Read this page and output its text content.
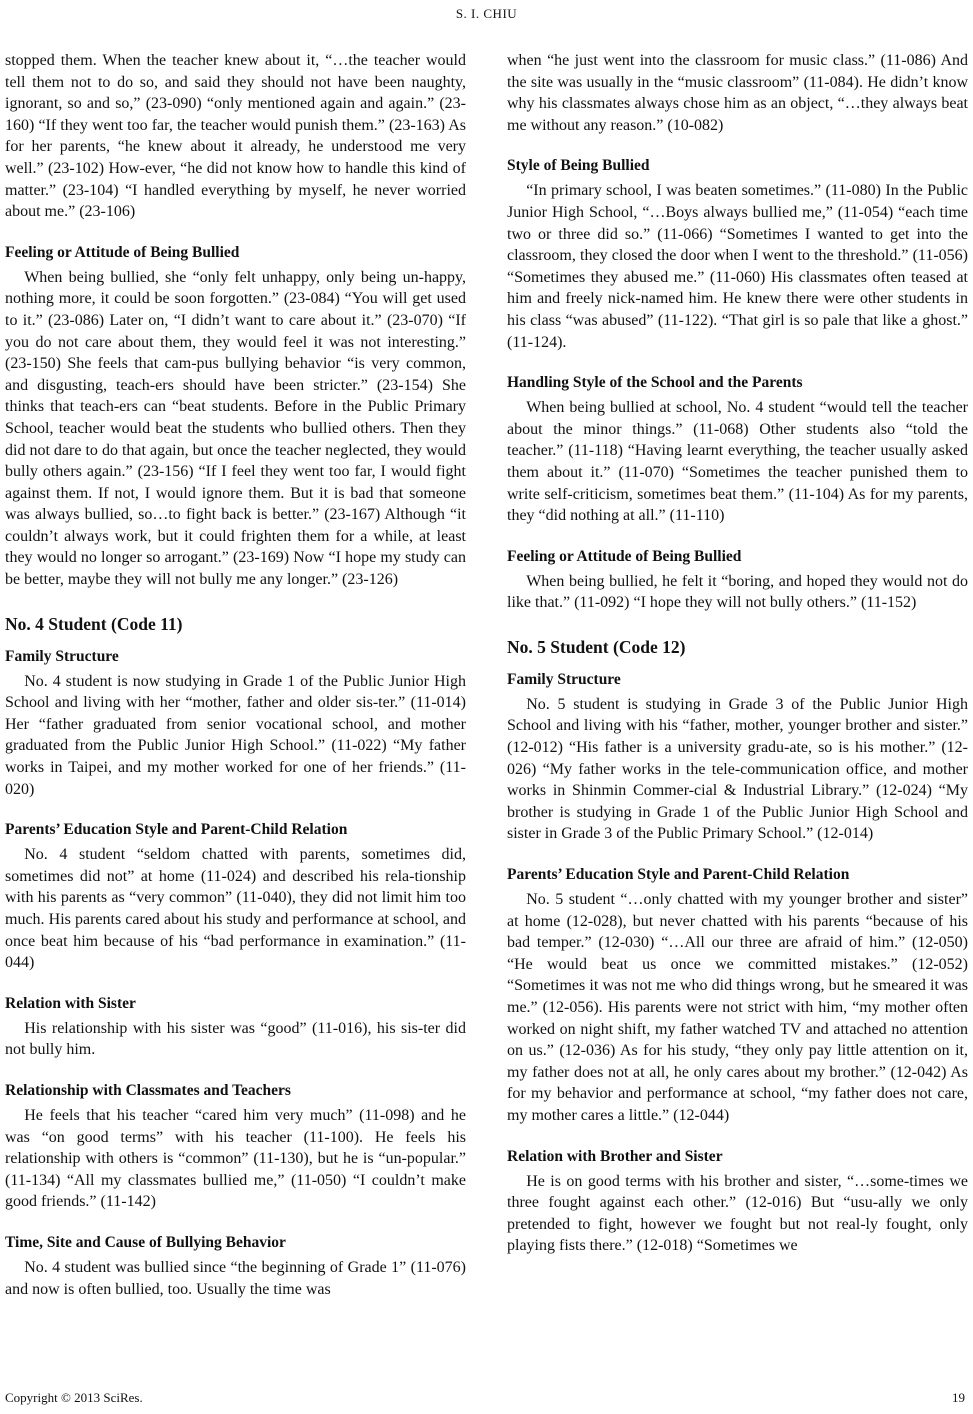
S. I. CHIU

stopped them. When the teacher knew about it, “…the teacher would tell them not to do so, and said they should not have been naughty, ignorant, so and so,” (23-090) “only mentioned again and again.” (23-160) “If they went too far, the teacher would punish them.” (23-163) As for her parents, “he knew about it already, he understood me very well.” (23-102) How-ever, “he did not know how to handle this kind of matter.” (23-104) “I handled everything by myself, he never worried about me.” (23-106)

Feeling or Attitude of Being Bullied

When being bullied, she “only felt unhappy, only being un-happy, nothing more, it could be soon forgotten.” (23-084) “You will get used to it.” (23-086) Later on, “I didn’t want to care about it.” (23-070) “If you do not care about them, they would feel it was not interesting.” (23-150) She feels that cam-pus bullying behavior “is very common, and disgusting, teach-ers should have been stricter.” (23-154) She thinks that teach-ers can “beat students. Before in the Public Primary School, teacher would beat the students who bullied others. Then they did not dare to do that again, but once the teacher neglected, they would bully others again.” (23-156) “If I feel they went too far, I would fight against them. If not, I would ignore them. But it is bad that someone was always bullied, so…to fight back is better.” (23-167) Although “it couldn’t always work, but it could frighten them for a while, at least they would no longer so arrogant.” (23-169) Now “I hope my study can be better, maybe they will not bully me any longer.” (23-126)

No. 4 Student (Code 11)
Family Structure

No. 4 student is now studying in Grade 1 of the Public Junior High School and living with her “mother, father and older sis-ter.” (11-014) Her “father graduated from senior vocational school, and mother graduated from the Public Junior High School.” (11-022) “My father works in Taipei, and my mother worked for one of her friends.” (11-020)

Parents’ Education Style and Parent-Child Relation

No. 4 student “seldom chatted with parents, sometimes did, sometimes did not” at home (11-024) and described his rela-tionship with his parents as “very common” (11-040), they did not limit him too much. His parents cared about his study and performance at school, and once beat him because of his “bad performance in examination.” (11-044)

Relation with Sister

His relationship with his sister was “good” (11-016), his sis-ter did not bully him.

Relationship with Classmates and Teachers

He feels that his teacher “cared him very much” (11-098) and he was “on good terms” with his teacher (11-100). He feels his relationship with others is “common” (11-130), but he is “un-popular.” (11-134) “All my classmates bullied me,” (11-050) “I couldn’t make good friends.” (11-142)

Time, Site and Cause of Bullying Behavior

No. 4 student was bullied since “the beginning of Grade 1” (11-076) and now is often bullied, too. Usually the time was

when “he just went into the classroom for music class.” (11-086) And the site was usually in the “music classroom” (11-084). He didn’t know why his classmates always chose him as an object, “…they always beat me without any reason.” (10-082)

Style of Being Bullied

“In primary school, I was beaten sometimes.” (11-080) In the Public Junior High School, “…Boys always bullied me,” (11-054) “each time two or three did so.” (11-066) “Sometimes I wanted to get into the classroom, they closed the door when I went to the threshold.” (11-056) “Sometimes they abused me.” (11-060) His classmates often teased at him and freely nick-named him. He knew there were other students in his class “was abused” (11-122). “That girl is so pale that like a ghost.” (11-124).

Handling Style of the School and the Parents

When being bullied at school, No. 4 student “would tell the teacher about the minor things.” (11-068) Other students also “told the teacher.” (11-118) “Having learnt everything, the teacher usually asked them about it.” (11-070) “Sometimes the teacher punished them to write self-criticism, sometimes beat them.” (11-104) As for my parents, they “did nothing at all.” (11-110)

Feeling or Attitude of Being Bullied

When being bullied, he felt it “boring, and hoped they would not do like that.” (11-092) “I hope they will not bully others.” (11-152)

No. 5 Student (Code 12)
Family Structure

No. 5 student is studying in Grade 3 of the Public Junior High School and living with his “father, mother, younger brother and sister.” (12-012) “His father is a university gradu-ate, so is his mother.” (12-026) “My father works in the tele-communication office, and mother works in Shinmin Commer-cial & Industrial Library.” (12-024) “My brother is studying in Grade 1 of the Public Junior High School and sister in Grade 3 of the Public Primary School.” (12-014)

Parents’ Education Style and Parent-Child Relation

No. 5 student “…only chatted with my younger brother and sister” at home (12-028), but never chatted with his parents “because of his bad temper.” (12-030) “…All our three are afraid of him.” (12-050) “He would beat us once we committed mistakes.” (12-052) “Sometimes it was not me who did things wrong, but he smeared it was me.” (12-056). His parents were not strict with him, “my mother often worked on night shift, my father watched TV and attached no attention on us.” (12-036) As for his study, “they only pay little attention on it, my father does not at all, he only cares about my brother.” (12-042) As for my behavior and performance at school, “my father does not care, my mother cares a little.” (12-044)

Relation with Brother and Sister

He is on good terms with his brother and sister, “…some-times we three fought against each other.” (12-016) But “usu-ally we only pretended to fight, however we fought but not real-ly fought, only playing fists there.” (12-018) “Sometimes we

Copyright © 2013 SciRes.	19
